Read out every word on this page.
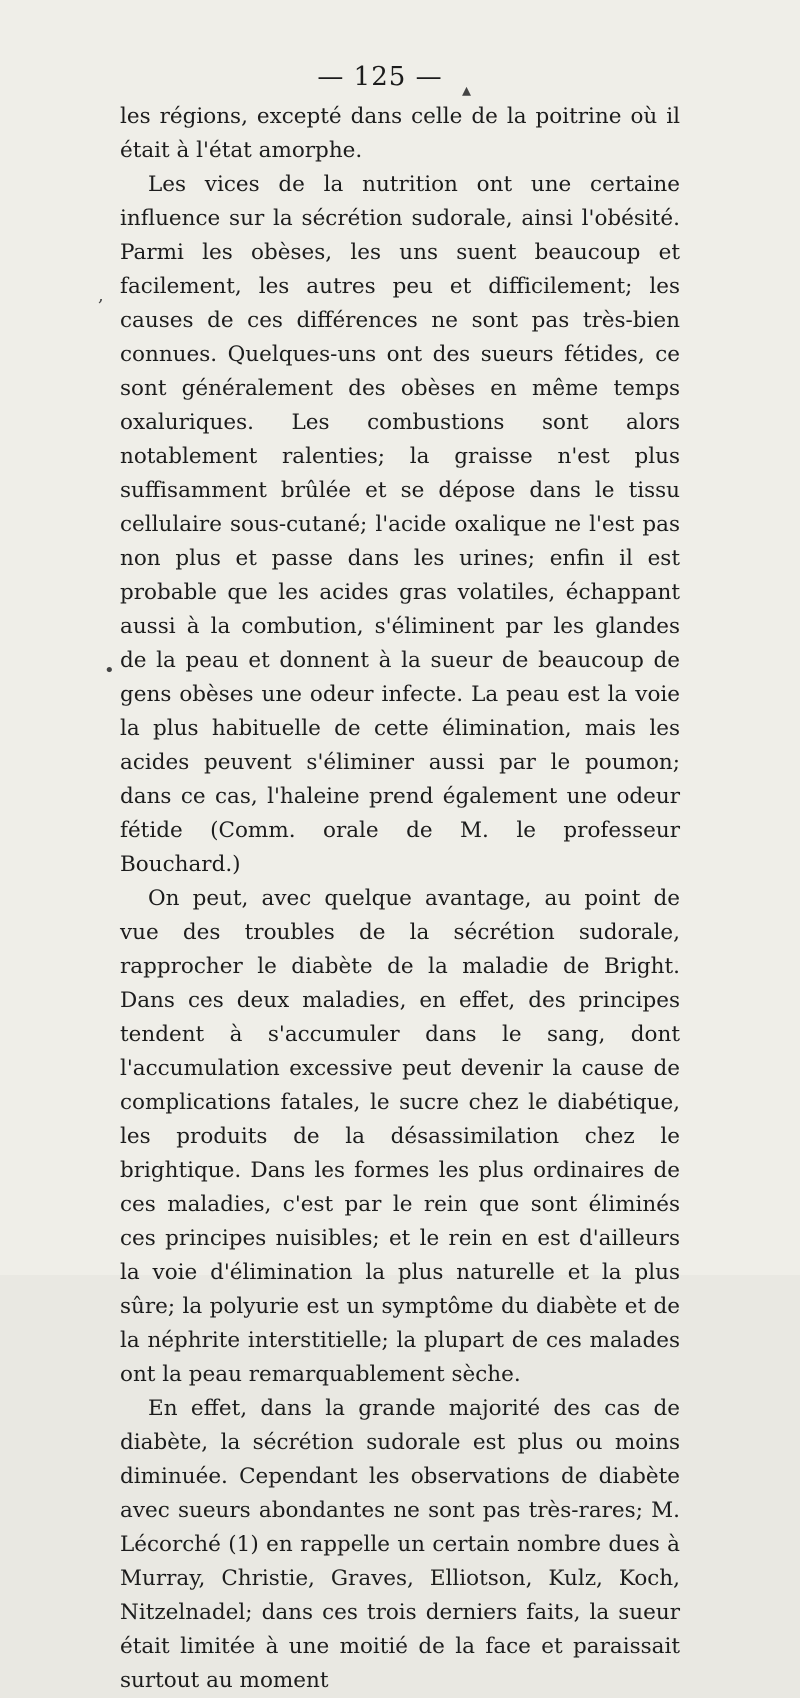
— 125 —	▴
,
•

les régions, excepté dans celle de la poitrine où il était à l'état amorphe.

Les vices de la nutrition ont une certaine influence sur la sécrétion sudorale, ainsi l'obésité. Parmi les obèses, les uns suent beaucoup et facilement, les autres peu et difficilement; les causes de ces différences ne sont pas très-bien connues. Quelques-uns ont des sueurs fétides, ce sont généralement des obèses en même temps oxaluriques. Les combustions sont alors notablement ralenties; la graisse n'est plus suffisamment brûlée et se dépose dans le tissu cellulaire sous-cutané; l'acide oxalique ne l'est pas non plus et passe dans les urines; enfin il est probable que les acides gras volatiles, échappant aussi à la combution, s'éliminent par les glandes de la peau et donnent à la sueur de beaucoup de gens obèses une odeur infecte. La peau est la voie la plus habituelle de cette élimination, mais les acides peuvent s'éliminer aussi par le poumon; dans ce cas, l'haleine prend également une odeur fétide (Comm. orale de M. le professeur Bouchard.)

On peut, avec quelque avantage, au point de vue des troubles de la sécrétion sudorale, rapprocher le diabète de la maladie de Bright. Dans ces deux maladies, en effet, des principes tendent à s'accumuler dans le sang, dont l'accumulation excessive peut devenir la cause de complications fatales, le sucre chez le diabétique, les produits de la désassimilation chez le brightique. Dans les formes les plus ordinaires de ces maladies, c'est par le rein que sont éliminés ces principes nuisibles; et le rein en est d'ailleurs la voie d'élimination la plus naturelle et la plus sûre; la polyurie est un symptôme du diabète et de la néphrite interstitielle; la plupart de ces malades ont la peau remarquablement sèche.

En effet, dans la grande majorité des cas de diabète, la sécrétion sudorale est plus ou moins diminuée. Cependant les observations de diabète avec sueurs abondantes ne sont pas très-rares; M. Lécorché (1) en rappelle un certain nombre dues à Murray, Christie, Graves, Elliotson, Kulz, Koch, Nitzelnadel; dans ces trois derniers faits, la sueur était limitée à une moitié de la face et paraissait surtout au moment
